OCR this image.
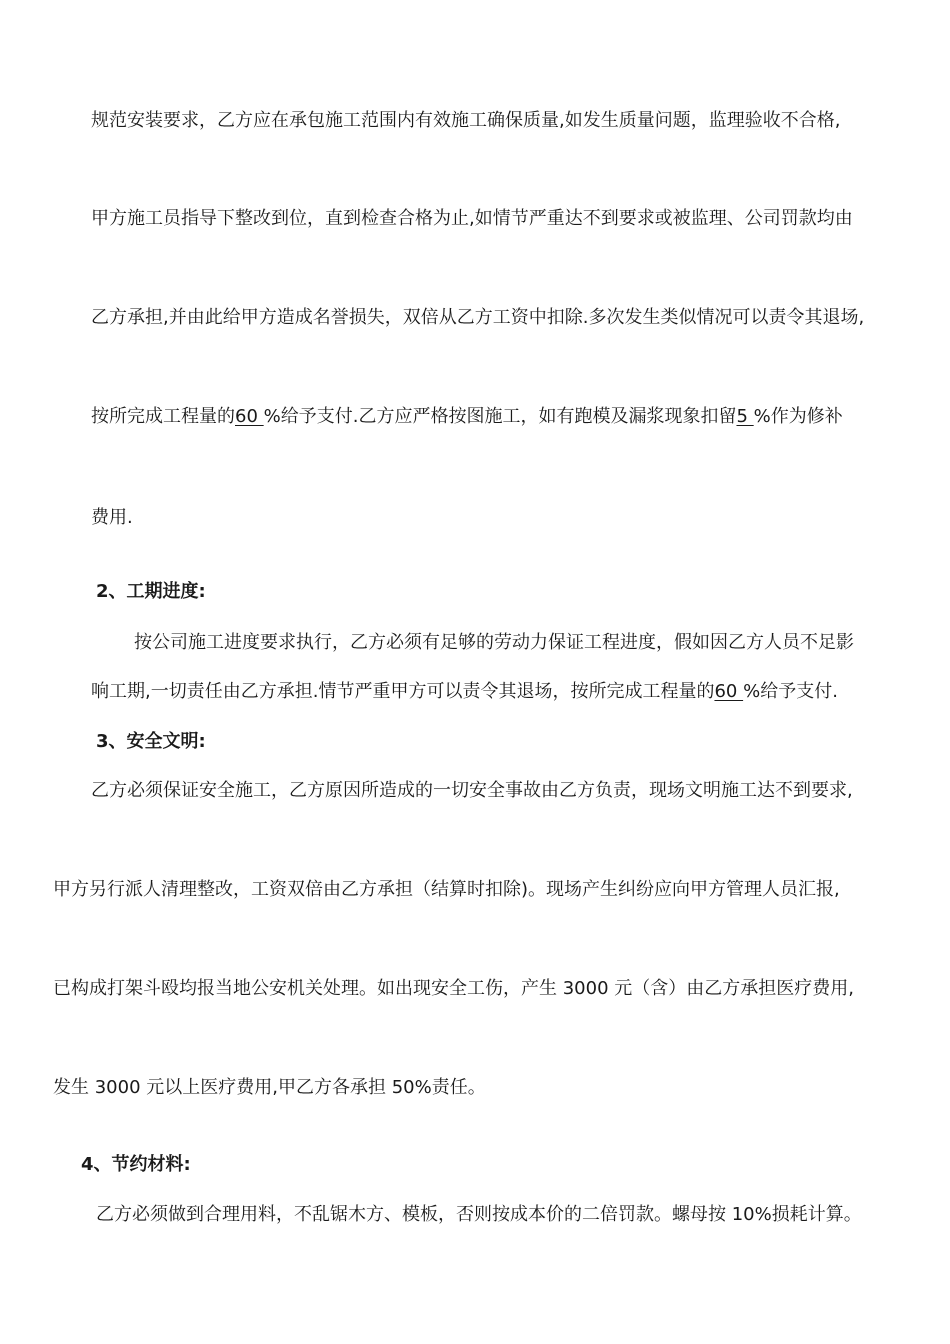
规范安装要求，乙方应在承包施工范围内有效施工确保质量,如发生质量问题，监理验收不合格,
甲方施工员指导下整改到位，直到检查合格为止,如情节严重达不到要求或被监理、公司罚款均由
乙方承担,并由此给甲方造成名誉损失，双倍从乙方工资中扣除.多次发生类似情况可以责令其退场,
按所完成工程量的60 %给予支付.乙方应严格按图施工，如有跑模及漏浆现象扣留5 %作为修补
费用.
2、工期进度:
按公司施工进度要求执行，乙方必须有足够的劳动力保证工程进度，假如因乙方人员不足影
响工期,一切责任由乙方承担.情节严重甲方可以责令其退场，按所完成工程量的60 %给予支付.
3、安全文明:
乙方必须保证安全施工，乙方原因所造成的一切安全事故由乙方负责，现场文明施工达不到要求,
甲方另行派人清理整改，工资双倍由乙方承担（结算时扣除)。现场产生纠纷应向甲方管理人员汇报,
已构成打架斗殴均报当地公安机关处理。如出现安全工伤，产生 3000 元（含）由乙方承担医疗费用,
发生 3000 元以上医疗费用,甲乙方各承担 50%责任。
4、节约材料:
乙方必须做到合理用料，不乱锯木方、模板，否则按成本价的二倍罚款。螺母按 10%损耗计算。
